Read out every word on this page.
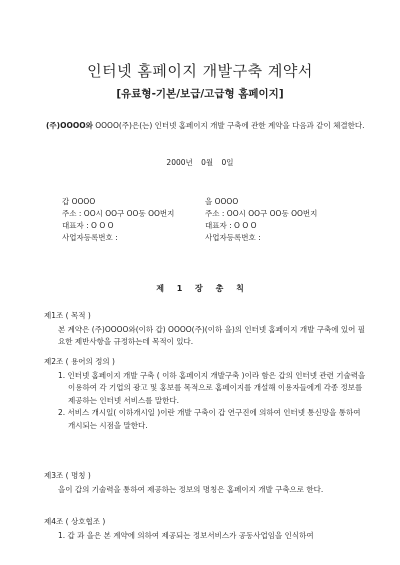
인터넷 홈페이지 개발구축 계약서
[유료형-기본/보급/고급형 홈페이지]
(주)OOOO와 OOOO(주)은(는) 인터넷 홈페이지 개발 구축에 관한 계약을 다음과 같이 체결한다.
2000년 0월 0일
갑 OOOO
주소 : OO시 OO구 OO동 OO번지
대표자 : O O O
사업자등록번호 :
을 OOOO
주소 : OO시 OO구 OO동 OO번지
대표자 : O O O
사업자등록번호 :
제 1 장 총 칙
제1조 ( 목적 )
본 계약은 (주)OOOO와(이하 갑) OOOO(주)(이하 을)의 인터넷 홈페이지 개발 구축에 있어 필요한 제반사항을 규정하는데 목적이 있다.
제2조 ( 용어의 정의 )
1. 인터넷 홈페이지 개발 구축 ( 이하 홈페이지 개발구축 )이라 함은 갑의 인터넷 관련 기술력을 이용하여 각 기업의 광고 및 홍보를 목적으로 홈페이지를 개설해 이용자들에게 각종 정보를 제공하는 인터넷 서비스를 말한다.
2. 서비스 개시일( 이하개시일 )이란 개발 구축이 갑 연구진에 의하여 인터넷 통신망을 통하여 개시되는 시점을 말한다.
제3조 ( 명칭 )
을이 갑의 기술력을 통하여 제공하는 정보의 명칭은 홈페이지 개발 구축으로 한다.
제4조 ( 상호협조 )
1. 갑 과 을은 본 계약에 의하여 제공되는 정보서비스가 공동사업임을 인식하여
